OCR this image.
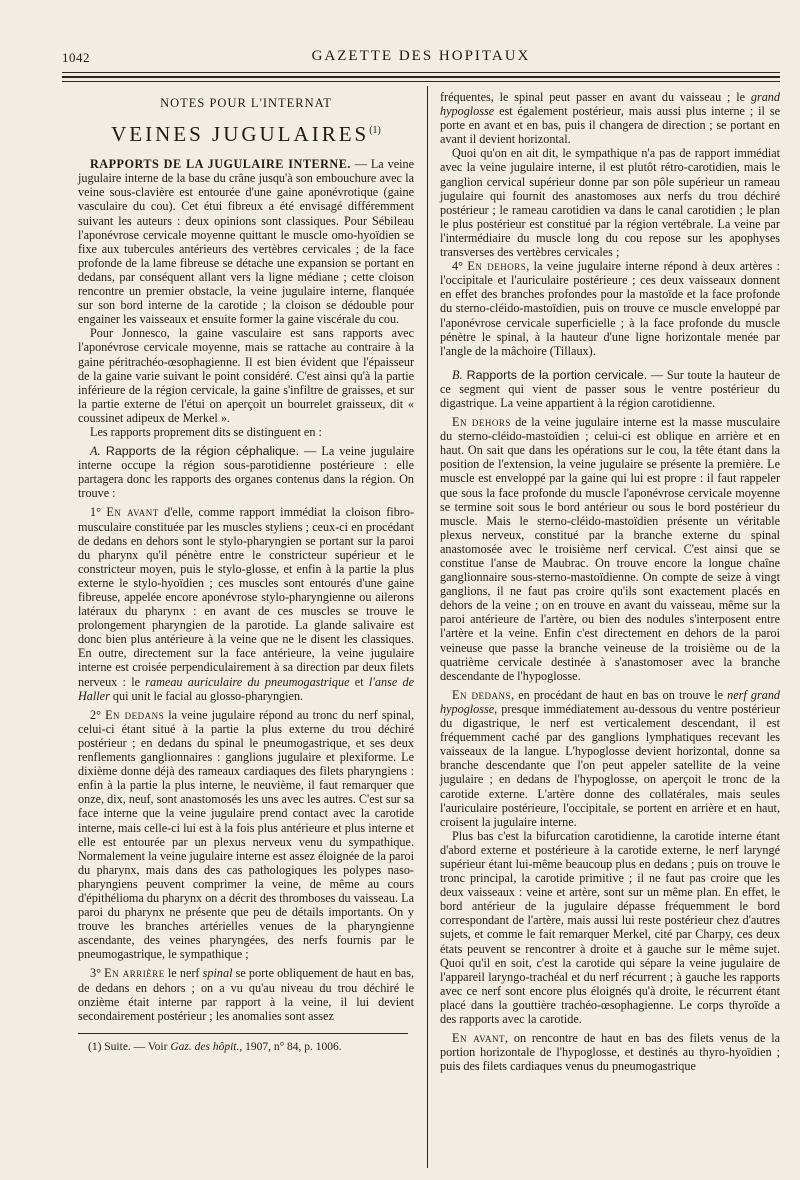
1042	GAZETTE DES HOPITAUX

NOTES POUR L'INTERNAT

VEINES JUGULAIRES$^{(1)}$

RAPPORTS DE LA JUGULAIRE INTERNE. — La veine jugulaire interne de la base du crâne jusqu'à son embouchure avec la veine sous-clavière est entourée d'une gaine aponévrotique (gaine vasculaire du cou). Cet étui fibreux a été envisagé différemment suivant les auteurs : deux opinions sont classiques. Pour Sébileau l'aponévrose cervicale moyenne quittant le muscle omo-hyoïdien se fixe aux tubercules antérieurs des vertèbres cervicales ; de la face profonde de la lame fibreuse se détache une expansion se portant en dedans, par conséquent allant vers la ligne médiane ; cette cloison rencontre un premier obstacle, la veine jugulaire interne, flanquée sur son bord interne de la carotide ; la cloison se dédouble pour engainer les vaisseaux et ensuite former la gaine viscérale du cou.

Pour Jonnesco, la gaine vasculaire est sans rapports avec l'aponévrose cervicale moyenne, mais se rattache au contraire à la gaine péritrachéo-œsophagienne. Il est bien évident que l'épaisseur de la gaine varie suivant le point considéré. C'est ainsi qu'à la partie inférieure de la région cervicale, la gaine s'infiltre de graisses, et sur la partie externe de l'étui on aperçoit un bourrelet graisseux, dit « coussinet adipeux de Merkel ».

Les rapports proprement dits se distinguent en :

A. Rapports de la région céphalique. — La veine jugulaire interne occupe la région sous-parotidienne postérieure : elle partagera donc les rapports des organes contenus dans la région. On trouve :

1° En avant d'elle, comme rapport immédiat la cloison fibro-musculaire constituée par les muscles styliens ; ceux-ci en procédant de dedans en dehors sont le stylo-pharyngien se portant sur la paroi du pharynx qu'il pénètre entre le constricteur supérieur et le constricteur moyen, puis le stylo-glosse, et enfin à la partie la plus externe le stylo-hyoïdien ; ces muscles sont entourés d'une gaine fibreuse, appelée encore aponévrose stylo-pharyngienne ou ailerons latéraux du pharynx : en avant de ces muscles se trouve le prolongement pharyngien de la parotide. La glande salivaire est donc bien plus antérieure à la veine que ne le disent les classiques. En outre, directement sur la face antérieure, la veine jugulaire interne est croisée perpendiculairement à sa direction par deux filets nerveux : le rameau auriculaire du pneumogastrique et l'anse de Haller qui unit le facial au glosso-pharyngien.

2° En dedans la veine jugulaire répond au tronc du nerf spinal, celui-ci étant situé à la partie la plus externe du trou déchiré postérieur ; en dedans du spinal le pneumogastrique, et ses deux renflements ganglionnaires : ganglions jugulaire et plexiforme. Le dixième donne déjà des rameaux cardiaques des filets pharyngiens : enfin à la partie la plus interne, le neuvième, il faut remarquer que onze, dix, neuf, sont anastomosés les uns avec les autres. C'est sur sa face interne que la veine jugulaire prend contact avec la carotide interne, mais celle-ci lui est à la fois plus antérieure et plus interne et elle est entourée par un plexus nerveux venu du sympathique. Normalement la veine jugulaire interne est assez éloignée de la paroi du pharynx, mais dans des cas pathologiques les polypes naso-pharyngiens peuvent comprimer la veine, de même au cours d'épithélioma du pharynx on a décrit des thromboses du vaisseau. La paroi du pharynx ne présente que peu de détails importants. On y trouve les branches artérielles venues de la pharyngienne ascendante, des veines pharyngées, des nerfs fournis par le pneumogastrique, le sympathique ;

3° En arrière le nerf spinal se porte obliquement de haut en bas, de dedans en dehors ; on a vu qu'au niveau du trou déchiré le onzième était interne par rapport à la veine, il lui devient secondairement postérieur ; les anomalies sont assez

(1) Suite. — Voir Gaz. des hôpit., 1907, n° 84, p. 1006.

fréquentes, le spinal peut passer en avant du vaisseau ; le grand hypoglosse est également postérieur, mais aussi plus interne ; il se porte en avant et en bas, puis il changera de direction ; se portant en avant il devient horizontal.

Quoi qu'on en ait dit, le sympathique n'a pas de rapport immédiat avec la veine jugulaire interne, il est plutôt rétro-carotidien, mais le ganglion cervical supérieur donne par son pôle supérieur un rameau jugulaire qui fournit des anastomoses aux nerfs du trou déchiré postérieur ; le rameau carotidien va dans le canal carotidien ; le plan le plus postérieur est constitué par la région vertébrale. La veine par l'intermédiaire du muscle long du cou repose sur les apophyses transverses des vertèbres cervicales ;

4° En dehors, la veine jugulaire interne répond à deux artères : l'occipitale et l'auriculaire postérieure ; ces deux vaisseaux donnent en effet des branches profondes pour la mastoïde et la face profonde du sterno-cléido-mastoïdien, puis on trouve ce muscle enveloppé par l'aponévrose cervicale superficielle ; à la face profonde du muscle pénètre le spinal, à la hauteur d'une ligne horizontale menée par l'angle de la mâchoire (Tillaux).

B. Rapports de la portion cervicale. — Sur toute la hauteur de ce segment qui vient de passer sous le ventre postérieur du digastrique. La veine appartient à la région carotidienne.

En dehors de la veine jugulaire interne est la masse musculaire du sterno-cléido-mastoïdien ; celui-ci est oblique en arrière et en haut. On sait que dans les opérations sur le cou, la tête étant dans la position de l'extension, la veine jugulaire se présente la première. Le muscle est enveloppé par la gaine qui lui est propre : il faut rappeler que sous la face profonde du muscle l'aponévrose cervicale moyenne se termine soit sous le bord antérieur ou sous le bord postérieur du muscle. Mais le sterno-cléido-mastoïdien présente un véritable plexus nerveux, constitué par la branche externe du spinal anastomosée avec le troisième nerf cervical. C'est ainsi que se constitue l'anse de Maubrac. On trouve encore la longue chaîne ganglionnaire sous-sterno-mastoïdienne. On compte de seize à vingt ganglions, il ne faut pas croire qu'ils sont exactement placés en dehors de la veine ; on en trouve en avant du vaisseau, même sur la paroi antérieure de l'artère, ou bien des nodules s'interposent entre l'artère et la veine. Enfin c'est directement en dehors de la paroi veineuse que passe la branche veineuse de la troisième ou de la quatrième cervicale destinée à s'anastomoser avec la branche descendante de l'hypoglosse.

En dedans, en procédant de haut en bas on trouve le nerf grand hypoglosse, presque immédiatement au-dessous du ventre postérieur du digastrique, le nerf est verticalement descendant, il est fréquemment caché par des ganglions lymphatiques recevant les vaisseaux de la langue. L'hypoglosse devient horizontal, donne sa branche descendante que l'on peut appeler satellite de la veine jugulaire ; en dedans de l'hypoglosse, on aperçoit le tronc de la carotide externe. L'artère donne des collatérales, mais seules l'auriculaire postérieure, l'occipitale, se portent en arrière et en haut, croisent la jugulaire interne.

Plus bas c'est la bifurcation carotidienne, la carotide interne étant d'abord externe et postérieure à la carotide externe, le nerf laryngé supérieur étant lui-même beaucoup plus en dedans ; puis on trouve le tronc principal, la carotide primitive ; il ne faut pas croire que les deux vaisseaux : veine et artère, sont sur un même plan. En effet, le bord antérieur de la jugulaire dépasse fréquemment le bord correspondant de l'artère, mais aussi lui reste postérieur chez d'autres sujets, et comme le fait remarquer Merkel, cité par Charpy, ces deux états peuvent se rencontrer à droite et à gauche sur le même sujet. Quoi qu'il en soit, c'est la carotide qui sépare la veine jugulaire de l'appareil laryngo-trachéal et du nerf récurrent ; à gauche les rapports avec ce nerf sont encore plus éloignés qu'à droite, le récurrent étant placé dans la gouttière trachéo-œsophagienne. Le corps thyroïde a des rapports avec la carotide.

En avant, on rencontre de haut en bas des filets venus de la portion horizontale de l'hypoglosse, et destinés au thyro-hyoïdien ; puis des filets cardiaques venus du pneumogastrique
